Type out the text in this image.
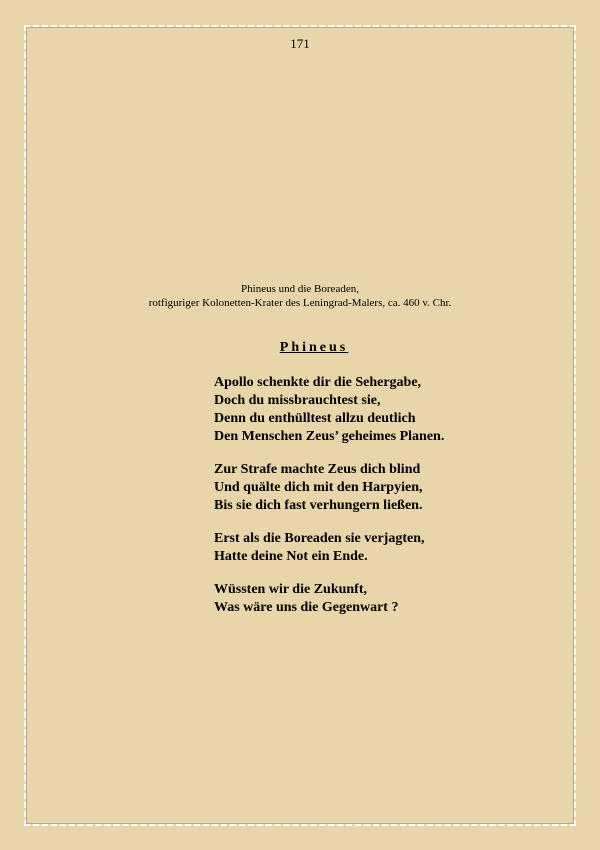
171
Phineus und die Boreaden,
rotfiguriger Kolonetten-Krater des Leningrad-Malers, ca. 460 v. Chr.
Phineus
Apollo schenkte dir die Sehergabe,
Doch du missbrauchtest sie,
Denn du enthülltest allzu deutlich
Den Menschen Zeus’ geheimes Planen.
Zur Strafe machte Zeus dich blind
Und quälte dich mit den Harpyien,
Bis sie dich fast verhungern ließen.
Erst als die Boreaden sie verjagten,
Hatte deine Not ein Ende.
Wüssten wir die Zukunft,
Was wäre uns die Gegenwart ?
